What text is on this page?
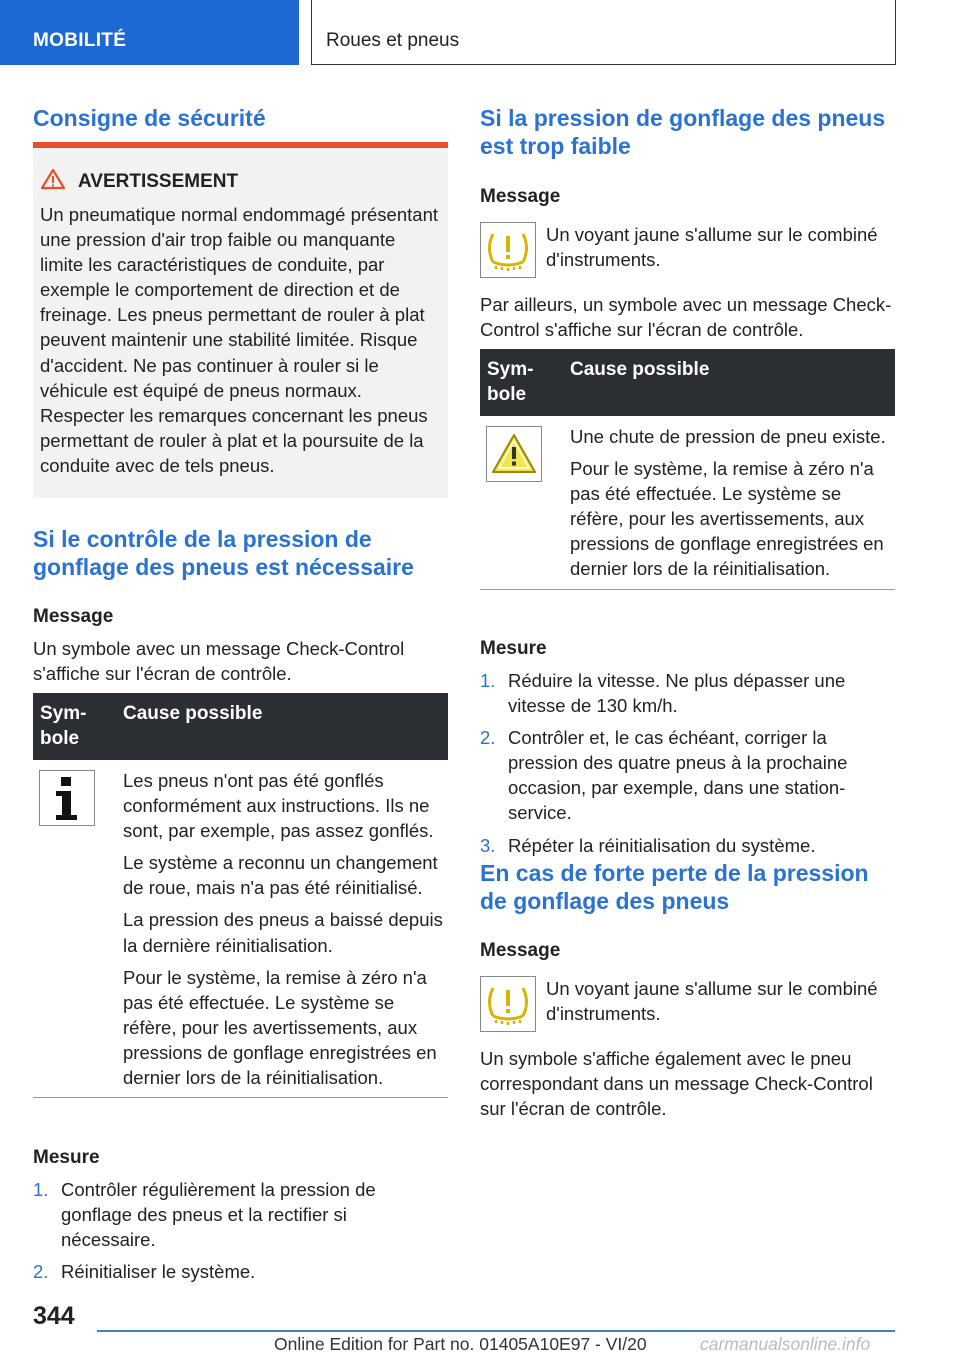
MOBILITÉ	Roues et pneus
Consigne de sécurité
AVERTISSEMENT
Un pneumatique normal endommagé présentant une pression d'air trop faible ou manquante limite les caractéristiques de conduite, par exemple le comportement de direction et de freinage. Les pneus permettant de rouler à plat peuvent maintenir une stabilité limitée. Risque d'accident. Ne pas continuer à rouler si le véhicule est équipé de pneus normaux. Respecter les remarques concernant les pneus permettant de rouler à plat et la poursuite de la conduite avec de tels pneus.
Si le contrôle de la pression de gonflage des pneus est nécessaire
Message

Un symbole avec un message Check-Control s'affiche sur l'écran de contrôle.

Sym-
bole
Cause possible
Les pneus n'ont pas été gonflés conformément aux instructions. Ils ne sont, par exemple, pas assez gonflés.
Le système a reconnu un changement de roue, mais n'a pas été réinitialisé.
La pression des pneus a baissé depuis la dernière réinitialisation.
Pour le système, la remise à zéro n'a pas été effectuée. Le système se réfère, pour les avertissements, aux pressions de gonflage enregistrées en dernier lors de la réinitialisation.
Mesure
1. Contrôler régulièrement la pression de gonflage des pneus et la rectifier si nécessaire.
2. Réinitialiser le système.
Si la pression de gonflage des pneus est trop faible
Message
Un voyant jaune s'allume sur le combiné d'instruments.

Par ailleurs, un symbole avec un message Check-Control s'affiche sur l'écran de contrôle.

Sym-
bole
Cause possible
Une chute de pression de pneu existe.
Pour le système, la remise à zéro n'a pas été effectuée. Le système se réfère, pour les avertissements, aux pressions de gonflage enregistrées en dernier lors de la réinitialisation.
Mesure
1. Réduire la vitesse. Ne plus dépasser une vitesse de 130 km/h.
2. Contrôler et, le cas échéant, corriger la pression des quatre pneus à la prochaine occasion, par exemple, dans une station-service.
3. Répéter la réinitialisation du système.
En cas de forte perte de la pression de gonflage des pneus
Message
Un voyant jaune s'allume sur le combiné d'instruments.

Un symbole s'affiche également avec le pneu correspondant dans un message Check-Control sur l'écran de contrôle.

344
Online Edition for Part no. 01405A10E97 - VI/20	carmanualsonline.info
